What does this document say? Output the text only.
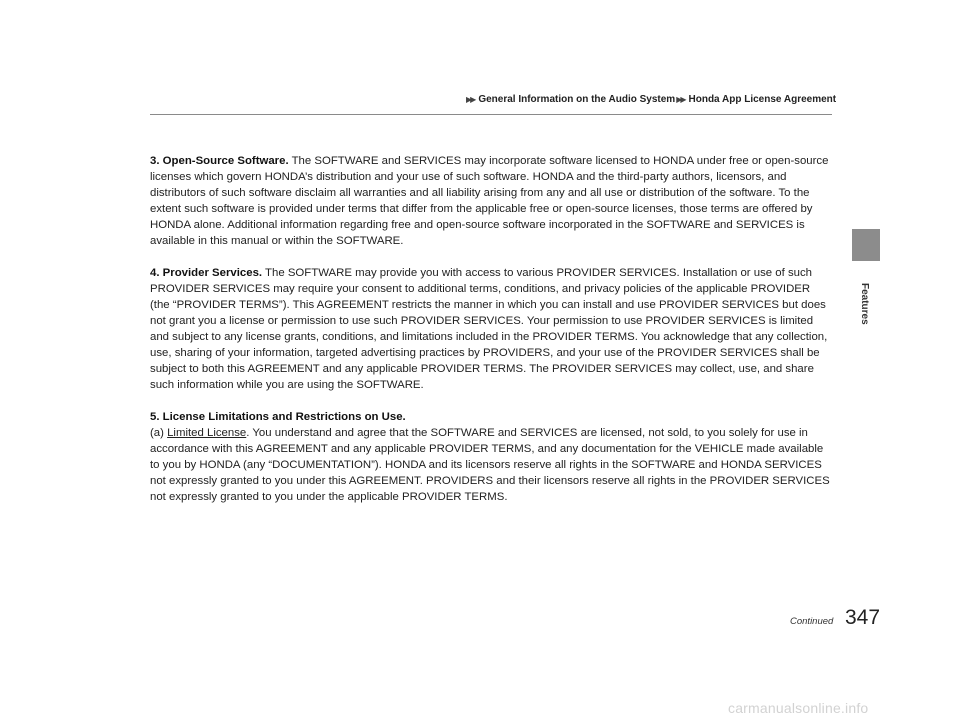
▶▶ General Information on the Audio System▶▶ Honda App License Agreement
Features

3. Open-Source Software. The SOFTWARE and SERVICES may incorporate software licensed to HONDA under free or open-source licenses which govern HONDA’s distribution and your use of such software. HONDA and the third-party authors, licensors, and distributors of such software disclaim all warranties and all liability arising from any and all use or distribution of the software. To the extent such software is provided under terms that differ from the applicable free or open-source licenses, those terms are offered by HONDA alone. Additional information regarding free and open-source software incorporated in the SOFTWARE and SERVICES is available in this manual or within the SOFTWARE.

4. Provider Services. The SOFTWARE may provide you with access to various PROVIDER SERVICES. Installation or use of such PROVIDER SERVICES may require your consent to additional terms, conditions, and privacy policies of the applicable PROVIDER (the “PROVIDER TERMS”). This AGREEMENT restricts the manner in which you can install and use PROVIDER SERVICES but does not grant you a license or permission to use such PROVIDER SERVICES. Your permission to use PROVIDER SERVICES is limited and subject to any license grants, conditions, and limitations included in the PROVIDER TERMS. You acknowledge that any collection, use, sharing of your information, targeted advertising practices by PROVIDERS, and your use of the PROVIDER SERVICES shall be subject to both this AGREEMENT and any applicable PROVIDER TERMS. The PROVIDER SERVICES may collect, use, and share such information while you are using the SOFTWARE.

5. License Limitations and Restrictions on Use.

(a) Limited License. You understand and agree that the SOFTWARE and SERVICES are licensed, not sold, to you solely for use in accordance with this AGREEMENT and any applicable PROVIDER TERMS, and any documentation for the VEHICLE made available to you by HONDA (any “DOCUMENTATION”). HONDA and its licensors reserve all rights in the SOFTWARE and HONDA SERVICES not expressly granted to you under this AGREEMENT. PROVIDERS and their licensors reserve all rights in the PROVIDER SERVICES not expressly granted to you under the applicable PROVIDER TERMS.

Continued 347
carmanualsonline.info
